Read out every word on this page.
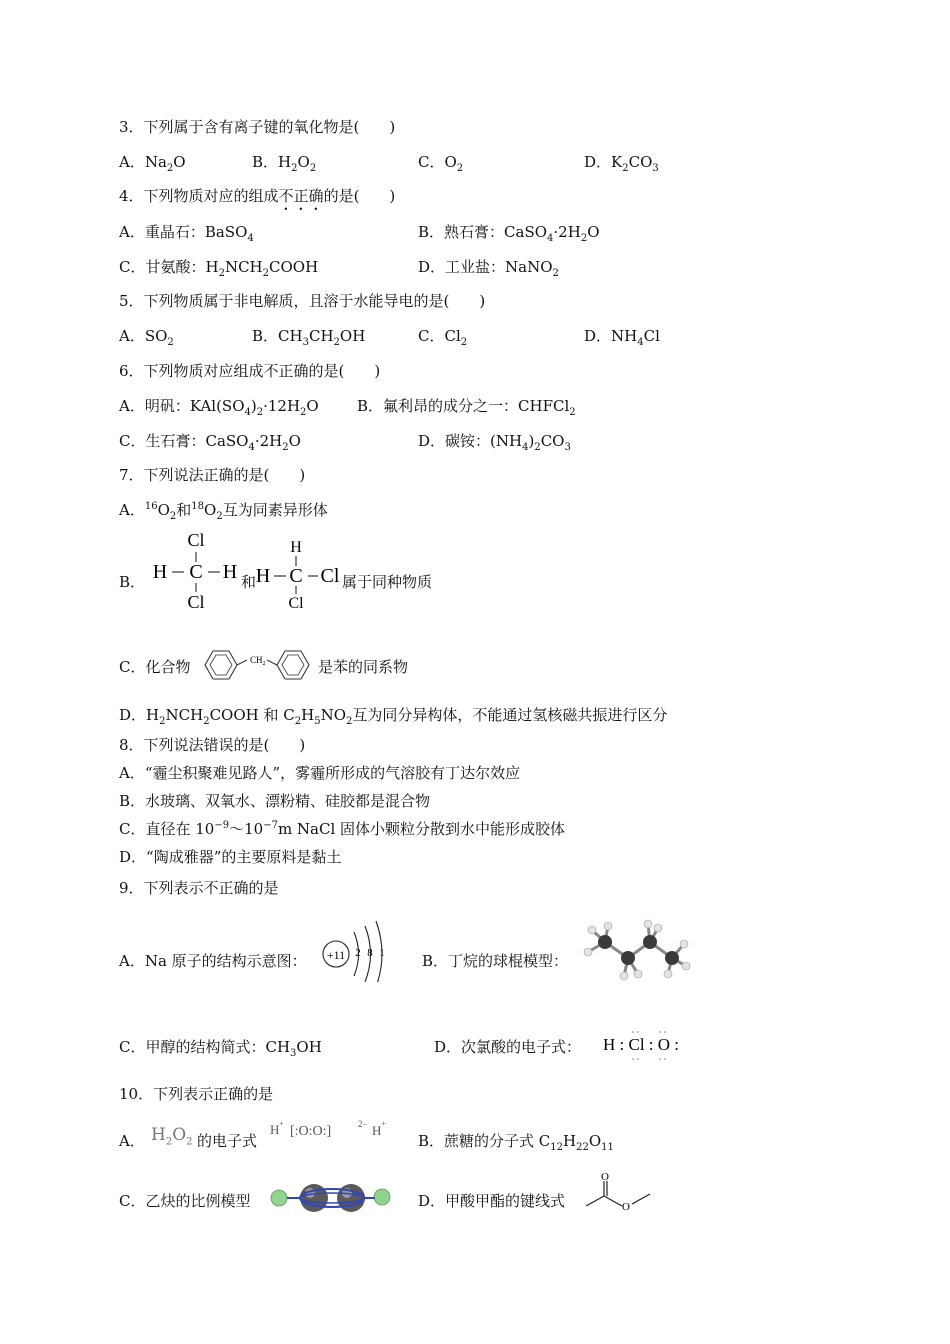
3．下列属于含有离子键的氧化物是(　　)
A．$Na_2O$	B．$H_2O_2$	C．$O_2$	D．$K_2CO_3$
4．下列物质对应的组成不正确的是(　　)
A．重晶石：BaSO$_4$	B．熟石膏：$CaSO_4\cdot 2H_2O$
C．甘氨酸：$H_2NCH_2COOH$	D．工业盐：NaNO$_2$
5．下列物质属于非电解质，且溶于水能导电的是(　　)
A．$SO_2$	B．$CH_3CH_2OH$	C．$Cl_2$	D．$NH_4Cl$
6．下列物质对应组成不正确的是(　　)
A．明矾：$KAl(SO_4)_2\cdot 12H_2O$	B．氟利昂的成分之一：CHFCl$_2$
C．生石膏：$CaSO_4\cdot 2H_2O$	D．碳铵：$(NH_4)_2CO_3$
7．下列说法正确的是(　　)
A．$^{16}O_2$和$^{18}O_2$互为同素异形体
B．
Cl
H C H
Cl
和
H
H C Cl
Cl
属于同种物质
C．化合物	$CH_2$	是苯的同系物
D．$H_2NCH_2COOH$ 和 $C_2H_5NO_2$互为同分异构体，不能通过氢核磁共振进行区分
8．下列说法错误的是(　　)
A．“霾尘积聚难见路人”，雾霾所形成的气溶胶有丁达尔效应
B．水玻璃、双氧水、漂粉精、硅胶都是混合物
C．直径在 $10^{-9}\sim 10^{-7}m$ NaCl 固体小颗粒分散到水中能形成胶体
D．“陶成雅器”的主要原料是黏土
9．下列表示不正确的是
A．Na 原子的结构示意图： +11 2 8 1 B．丁烷的球棍模型：
C．甲醇的结构简式：$CH_3OH$	D．次氯酸的电子式： H : Cl : O :
10．下列表示正确的是
A． $H_2O_2$ 的电子式
H +
[:O:O:]	2− H +
B．蔗糖的分子式 $C_{12}H_{22}O_{11}$
C．乙炔的比例模型	D．甲酸甲酯的键线式
O
O
